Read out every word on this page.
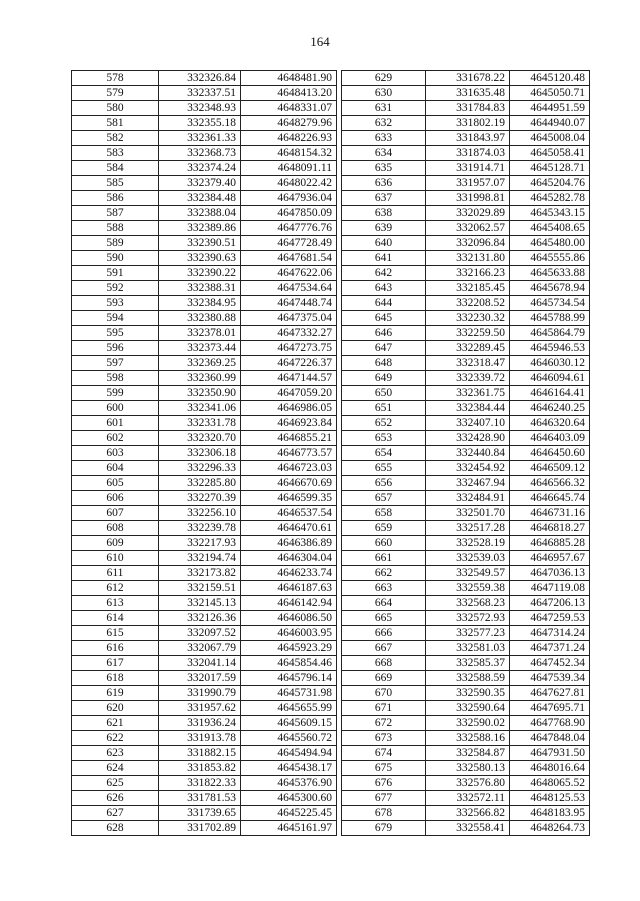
164
578	332326.84	4648481.90
579	332337.51	4648413.20
580	332348.93	4648331.07
581	332355.18	4648279.96
582	332361.33	4648226.93
583	332368.73	4648154.32
584	332374.24	4648091.11
585	332379.40	4648022.42
586	332384.48	4647936.04
587	332388.04	4647850.09
588	332389.86	4647776.76
589	332390.51	4647728.49
590	332390.63	4647681.54
591	332390.22	4647622.06
592	332388.31	4647534.64
593	332384.95	4647448.74
594	332380.88	4647375.04
595	332378.01	4647332.27
596	332373.44	4647273.75
597	332369.25	4647226.37
598	332360.99	4647144.57
599	332350.90	4647059.20
600	332341.06	4646986.05
601	332331.78	4646923.84
602	332320.70	4646855.21
603	332306.18	4646773.57
604	332296.33	4646723.03
605	332285.80	4646670.69
606	332270.39	4646599.35
607	332256.10	4646537.54
608	332239.78	4646470.61
609	332217.93	4646386.89
610	332194.74	4646304.04
611	332173.82	4646233.74
612	332159.51	4646187.63
613	332145.13	4646142.94
614	332126.36	4646086.50
615	332097.52	4646003.95
616	332067.79	4645923.29
617	332041.14	4645854.46
618	332017.59	4645796.14
619	331990.79	4645731.98
620	331957.62	4645655.99
621	331936.24	4645609.15
622	331913.78	4645560.72
623	331882.15	4645494.94
624	331853.82	4645438.17
625	331822.33	4645376.90
626	331781.53	4645300.60
627	331739.65	4645225.45
628	331702.89	4645161.97
629	331678.22	4645120.48
630	331635.48	4645050.71
631	331784.83	4644951.59
632	331802.19	4644940.07
633	331843.97	4645008.04
634	331874.03	4645058.41
635	331914.71	4645128.71
636	331957.07	4645204.76
637	331998.81	4645282.78
638	332029.89	4645343.15
639	332062.57	4645408.65
640	332096.84	4645480.00
641	332131.80	4645555.86
642	332166.23	4645633.88
643	332185.45	4645678.94
644	332208.52	4645734.54
645	332230.32	4645788.99
646	332259.50	4645864.79
647	332289.45	4645946.53
648	332318.47	4646030.12
649	332339.72	4646094.61
650	332361.75	4646164.41
651	332384.44	4646240.25
652	332407.10	4646320.64
653	332428.90	4646403.09
654	332440.84	4646450.60
655	332454.92	4646509.12
656	332467.94	4646566.32
657	332484.91	4646645.74
658	332501.70	4646731.16
659	332517.28	4646818.27
660	332528.19	4646885.28
661	332539.03	4646957.67
662	332549.57	4647036.13
663	332559.38	4647119.08
664	332568.23	4647206.13
665	332572.93	4647259.53
666	332577.23	4647314.24
667	332581.03	4647371.24
668	332585.37	4647452.34
669	332588.59	4647539.34
670	332590.35	4647627.81
671	332590.64	4647695.71
672	332590.02	4647768.90
673	332588.16	4647848.04
674	332584.87	4647931.50
675	332580.13	4648016.64
676	332576.80	4648065.52
677	332572.11	4648125.53
678	332566.82	4648183.95
679	332558.41	4648264.73
